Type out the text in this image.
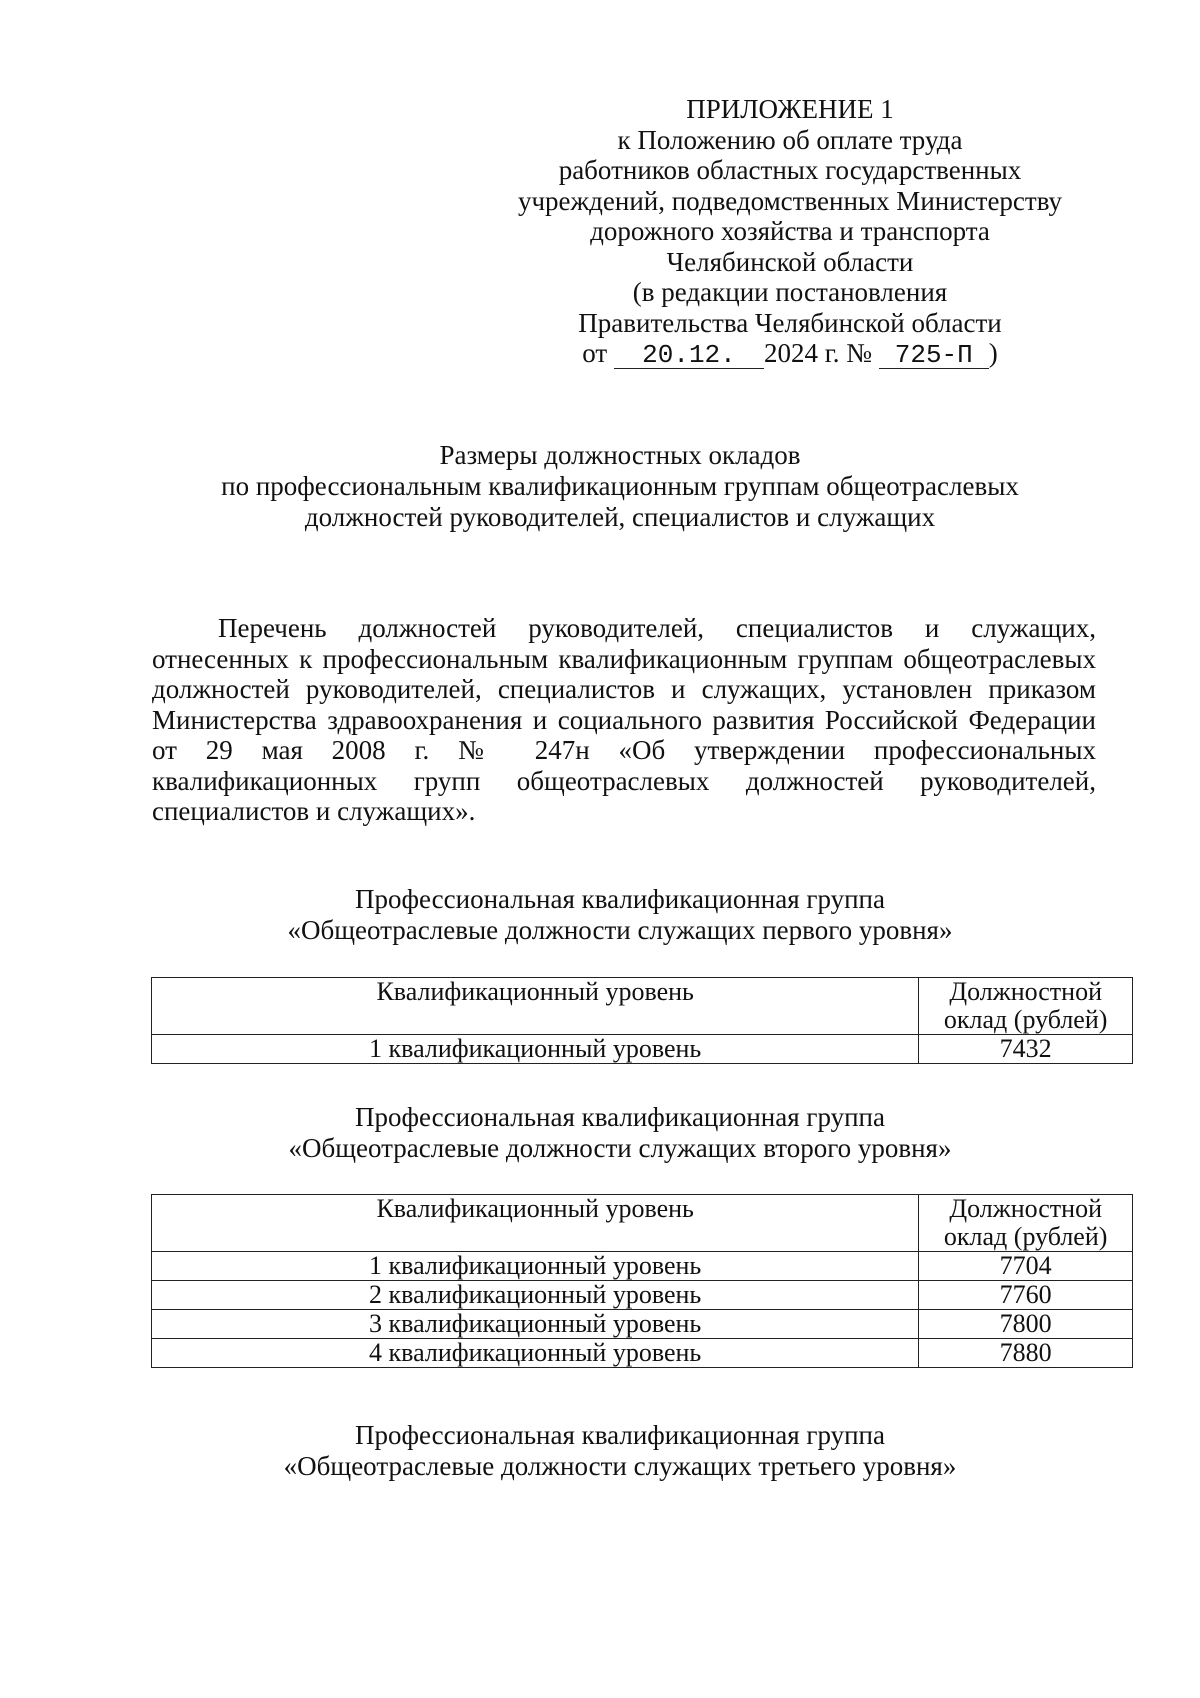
ПРИЛОЖЕНИЕ 1
к Положению об оплате труда
работников областных государственных
учреждений, подведомственных Министерству
дорожного хозяйства и транспорта
Челябинской области
(в редакции постановления
Правительства Челябинской области
от 20.12. 2024 г. № 725-П )
Размеры должностных окладов
по профессиональным квалификационным группам общеотраслевых
должностей руководителей, специалистов и служащих

Перечень должностей руководителей, специалистов и служащих, отнесенных к профессиональным квалификационным группам общеотраслевых должностей руководителей, специалистов и служащих, установлен приказом Министерства здравоохранения и социального развития Российской Федерации от 29 мая 2008 г. № 247н «Об утверждении профессиональных квалификационных групп общеотраслевых должностей руководителей, специалистов и служащих».

Профессиональная квалификационная группа
«Общеотраслевые должности служащих первого уровня»
Квалификационный уровень	Должностной
оклад (рублей)

1 квалификационный уровень	7432
Профессиональная квалификационная группа
«Общеотраслевые должности служащих второго уровня»
Квалификационный уровень	Должностной
оклад (рублей)

1 квалификационный уровень	7704
2 квалификационный уровень	7760
3 квалификационный уровень	7800
4 квалификационный уровень	7880
Профессиональная квалификационная группа
«Общеотраслевые должности служащих третьего уровня»
